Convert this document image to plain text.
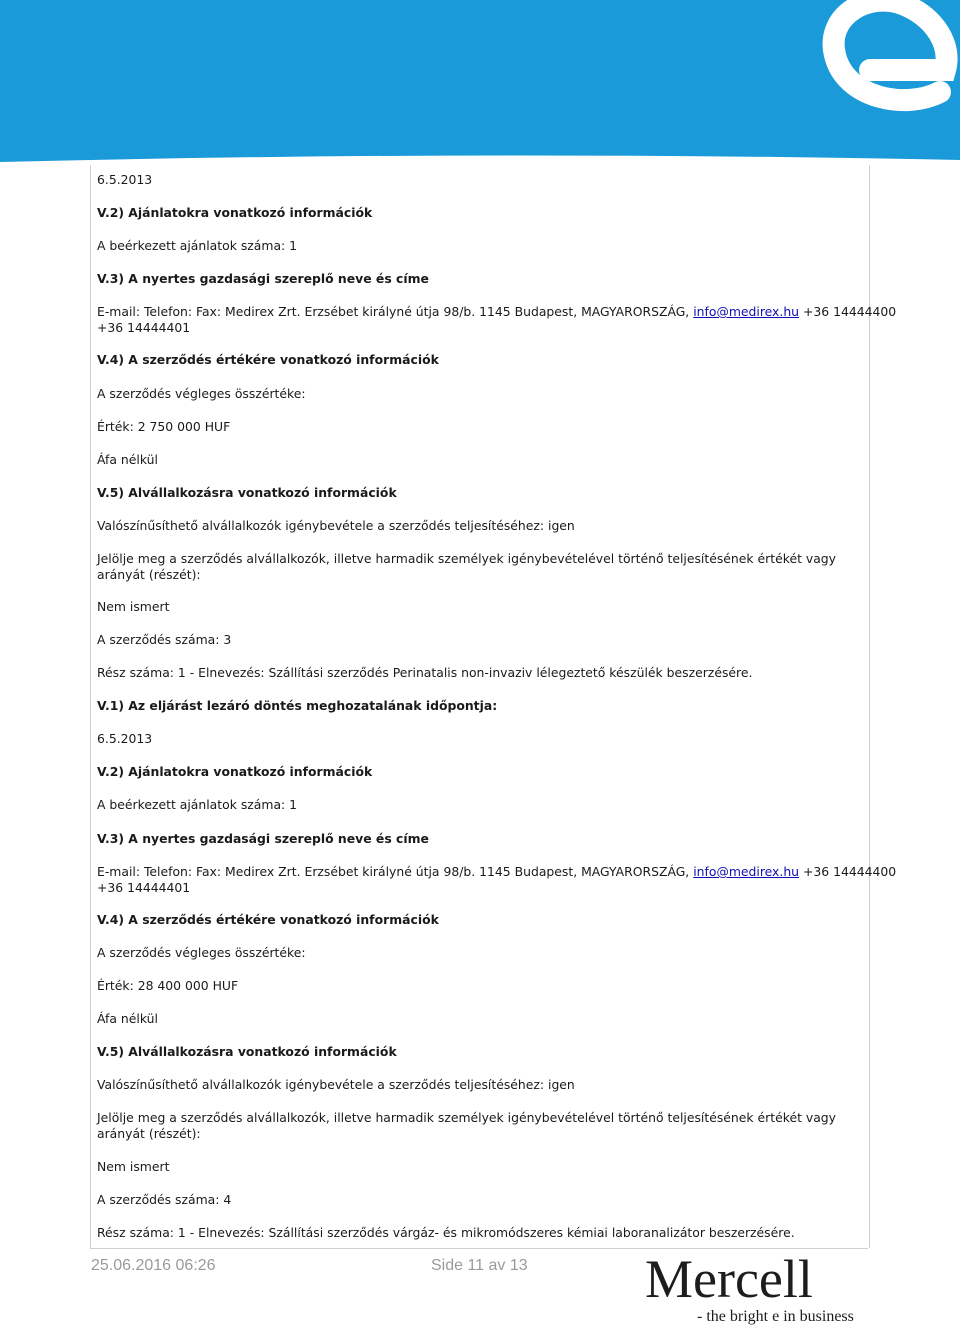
6.5.2013
V.2) Ajánlatokra vonatkozó információk
A beérkezett ajánlatok száma: 1
V.3) A nyertes gazdasági szereplő neve és címe
E-mail: Telefon: Fax: Medirex Zrt. Erzsébet királyné útja 98/b. 1145 Budapest, MAGYARORSZÁG, info@medirex.hu +36 14444400
+36 14444401
V.4) A szerződés értékére vonatkozó információk
A szerződés végleges összértéke:
Érték: 2 750 000 HUF
Áfa nélkül
V.5) Alvállalkozásra vonatkozó információk
Valószínűsíthető alvállalkozók igénybevétele a szerződés teljesítéséhez: igen
Jelölje meg a szerződés alvállalkozók, illetve harmadik személyek igénybevételével történő teljesítésének értékét vagy arányát (részét):
Nem ismert
A szerződés száma: 3
Rész száma: 1 - Elnevezés: Szállítási szerződés Perinatalis non-invaziv lélegeztető készülék beszerzésére.
V.1) Az eljárást lezáró döntés meghozatalának időpontja:
6.5.2013
V.2) Ajánlatokra vonatkozó információk
A beérkezett ajánlatok száma: 1
V.3) A nyertes gazdasági szereplő neve és címe
E-mail: Telefon: Fax: Medirex Zrt. Erzsébet királyné útja 98/b. 1145 Budapest, MAGYARORSZÁG, info@medirex.hu +36 14444400
+36 14444401
V.4) A szerződés értékére vonatkozó információk
A szerződés végleges összértéke:
Érték: 28 400 000 HUF
Áfa nélkül
V.5) Alvállalkozásra vonatkozó információk
Valószínűsíthető alvállalkozók igénybevétele a szerződés teljesítéséhez: igen
Jelölje meg a szerződés alvállalkozók, illetve harmadik személyek igénybevételével történő teljesítésének értékét vagy arányát (részét):
Nem ismert
A szerződés száma: 4
Rész száma: 1 - Elnevezés: Szállítási szerződés várgáz- és mikromódszeres kémiai laboranalizátor beszerzésére.
25.06.2016 06:26	Side 11 av 13 Mercell
- the bright e in business
